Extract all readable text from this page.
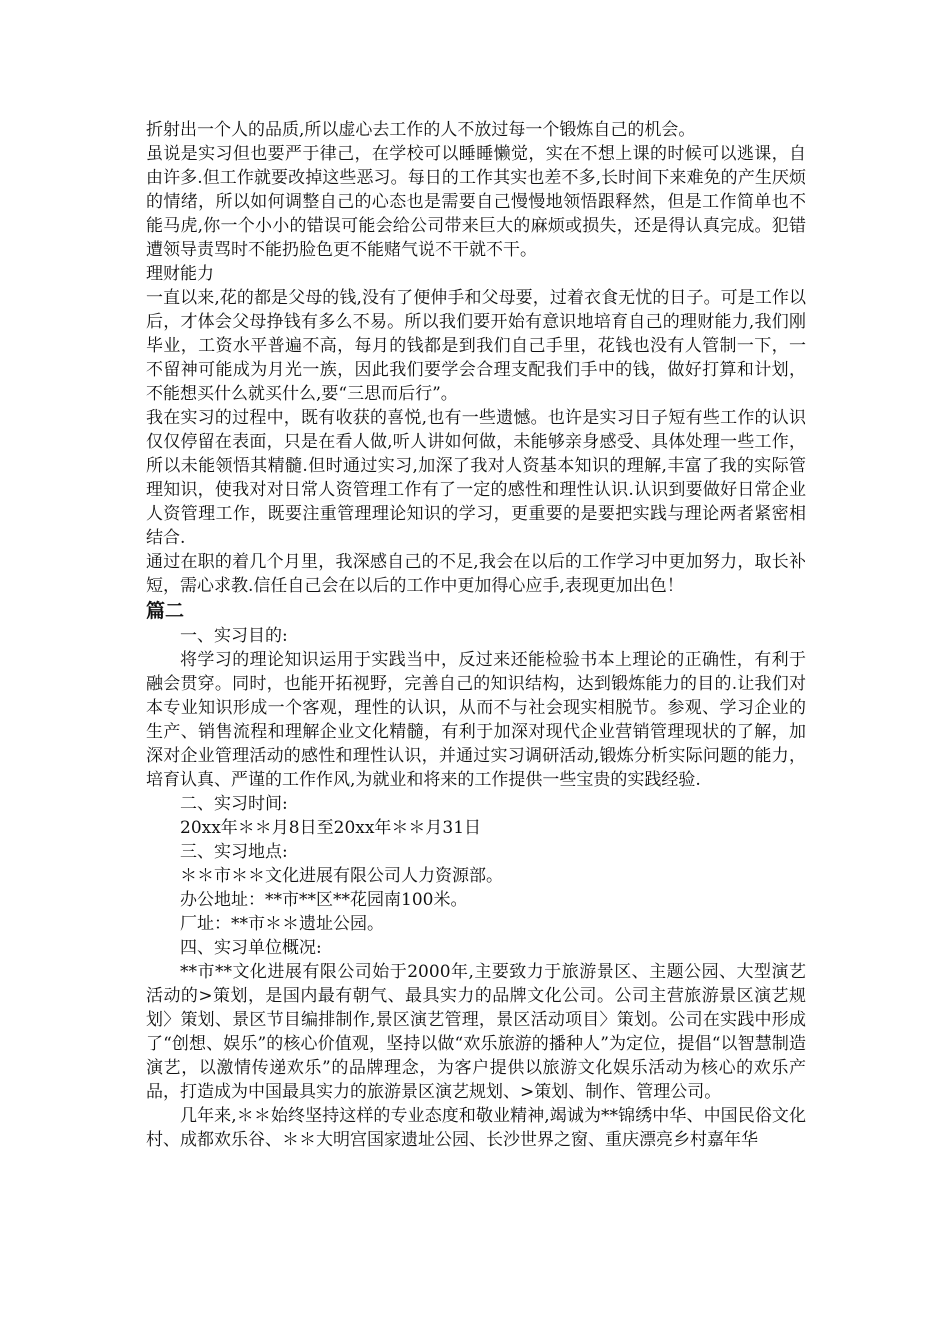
折射出一个人的品质,所以虚心去工作的人不放过每一个锻炼自己的机会。

虽说是实习但也要严于律己，在学校可以睡睡懒觉，实在不想上课的时候可以逃课，自由许多.但工作就要改掉这些恶习。每日的工作其实也差不多,长时间下来难免的产生厌烦的情绪，所以如何调整自己的心态也是需要自己慢慢地领悟跟释然，但是工作简单也不能马虎,你一个小小的错误可能会给公司带来巨大的麻烦或损失，还是得认真完成。犯错遭领导责骂时不能扔脸色更不能赌气说不干就不干。

理财能力

一直以来,花的都是父母的钱,没有了便伸手和父母要，过着衣食无忧的日子。可是工作以后，才体会父母挣钱有多么不易。所以我们要开始有意识地培育自己的理财能力,我们刚毕业，工资水平普遍不高，每月的钱都是到我们自己手里，花钱也没有人管制一下，一不留神可能成为月光一族，因此我们要学会合理支配我们手中的钱，做好打算和计划，不能想买什么就买什么,要“三思而后行”。

我在实习的过程中，既有收获的喜悦,也有一些遗憾。也许是实习日子短有些工作的认识仅仅停留在表面，只是在看人做,听人讲如何做，未能够亲身感受、具体处理一些工作，所以未能领悟其精髓.但时通过实习,加深了我对人资基本知识的理解,丰富了我的实际管理知识，使我对对日常人资管理工作有了一定的感性和理性认识.认识到要做好日常企业人资管理工作，既要注重管理理论知识的学习，更重要的是要把实践与理论两者紧密相结合.

通过在职的着几个月里，我深感自己的不足,我会在以后的工作学习中更加努力，取长补短，需心求教.信任自己会在以后的工作中更加得心应手,表现更加出色！

篇二

一、实习目的:

将学习的理论知识运用于实践当中，反过来还能检验书本上理论的正确性，有利于融会贯穿。同时，也能开拓视野，完善自己的知识结构，达到锻炼能力的目的.让我们对本专业知识形成一个客观，理性的认识，从而不与社会现实相脱节。参观、学习企业的生产、销售流程和理解企业文化精髓，有利于加深对现代企业营销管理现状的了解，加深对企业管理活动的感性和理性认识，并通过实习调研活动,锻炼分析实际问题的能力，培育认真、严谨的工作作风,为就业和将来的工作提供一些宝贵的实践经验.

二、实习时间:

20xx年＊＊月8日至20xx年＊＊月31日

三、实习地点:

＊＊市＊＊文化进展有限公司人力资源部。

办公地址：**市**区**花园南100米。

厂址：**市＊＊遗址公园。

四、实习单位概况:

**市**文化进展有限公司始于2000年,主要致力于旅游景区、主题公园、大型演艺活动的>策划，是国内最有朝气、最具实力的品牌文化公司。公司主营旅游景区演艺规划〉策划、景区节目编排制作,景区演艺管理，景区活动项目〉策划。公司在实践中形成了“创想、娱乐”的核心价值观，坚持以做“欢乐旅游的播种人”为定位，提倡“以智慧制造演艺，以激情传递欢乐”的品牌理念，为客户提供以旅游文化娱乐活动为核心的欢乐产品，打造成为中国最具实力的旅游景区演艺规划、>策划、制作、管理公司。

几年来,＊＊始终坚持这样的专业态度和敬业精神,竭诚为**锦绣中华、中国民俗文化村、成都欢乐谷、＊＊大明宫国家遗址公园、长沙世界之窗、重庆漂亮乡村嘉年华
